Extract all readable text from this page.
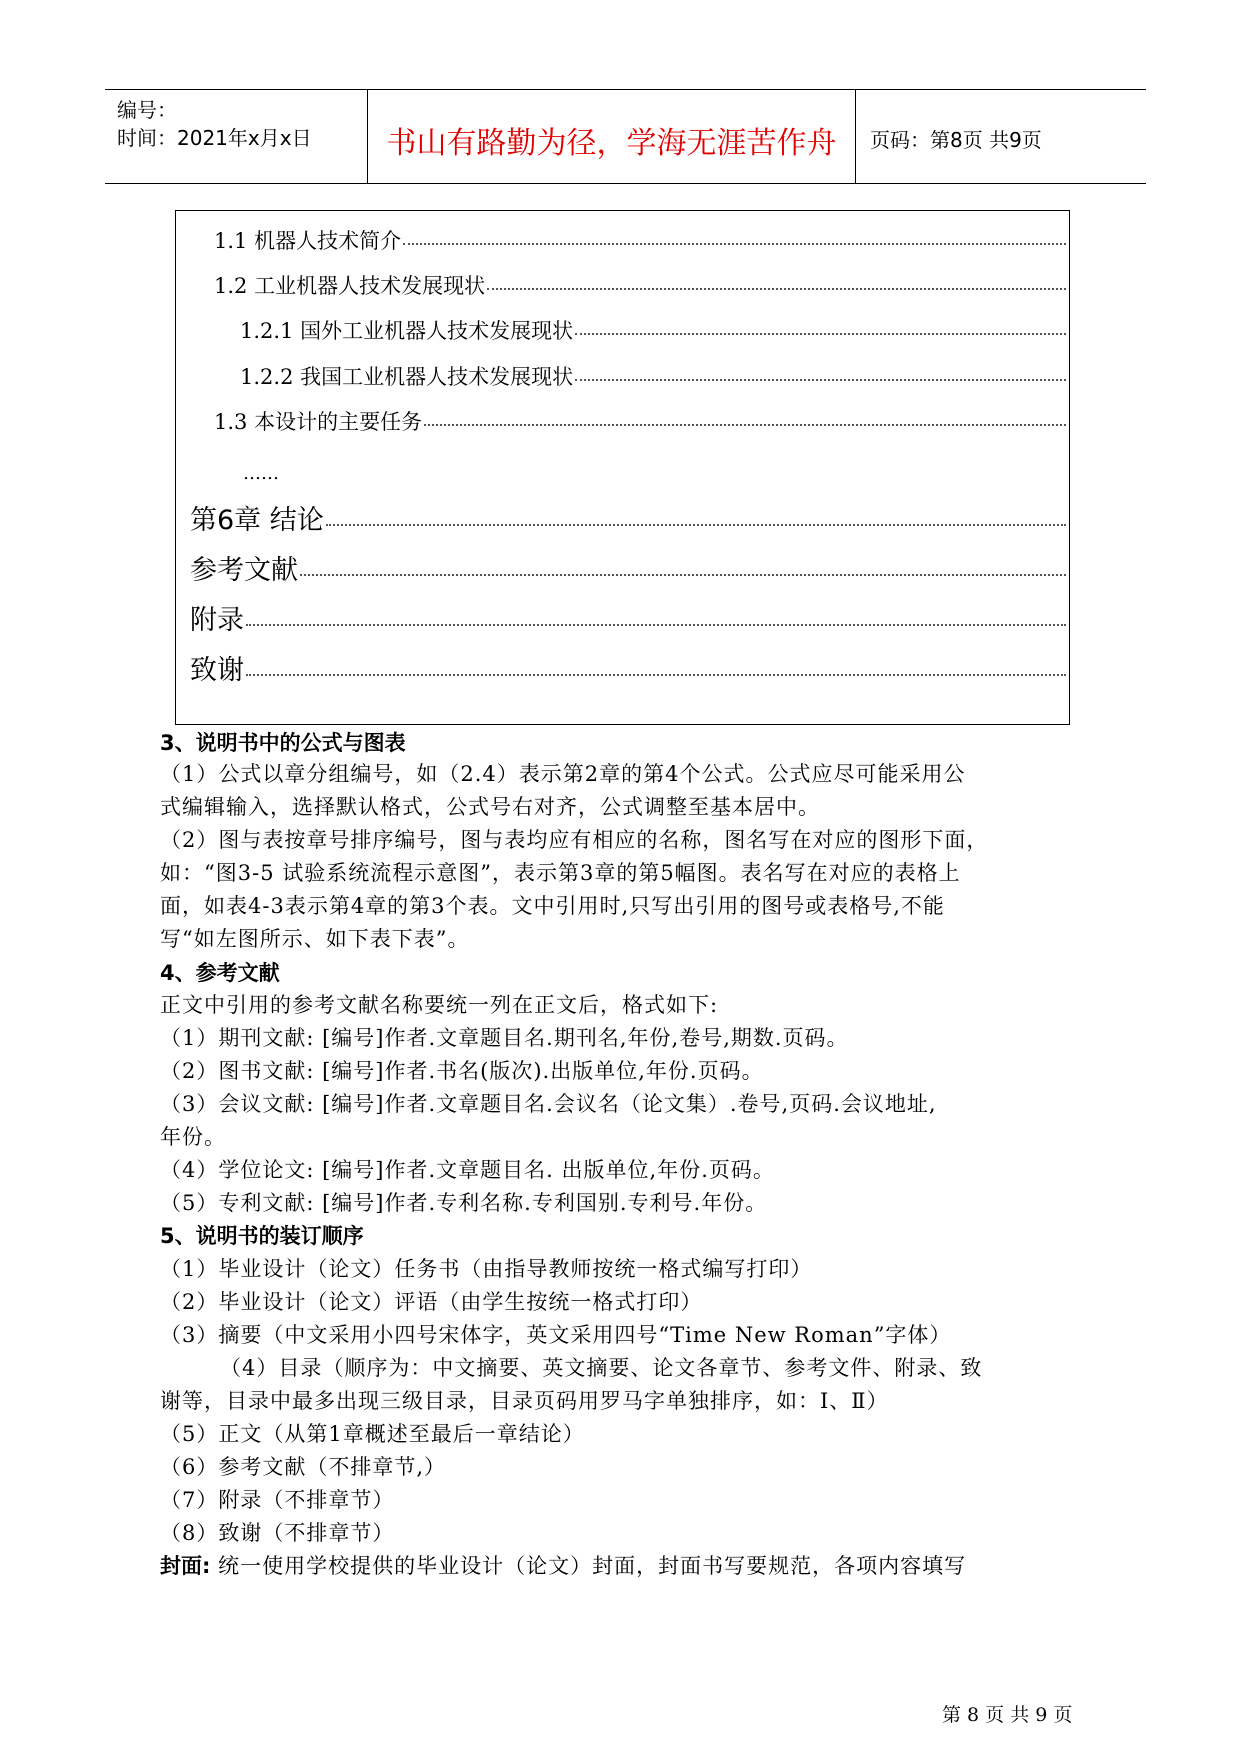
编号：
时间：2021年x月x日	书山有路勤为径，学海无涯苦作舟	页码：第8页 共9页
1.1 机器人技术简介
1.2 工业机器人技术发展现状
1.2.1 国外工业机器人技术发展现状
1.2.2 我国工业机器人技术发展现状
1.3 本设计的主要任务
……
第6章 结论
参考文献
附录
致谢
3、说明书中的公式与图表
（1）公式以章分组编号，如（2.4）表示第2章的第4个公式。公式应尽可能采用公
式编辑输入，选择默认格式，公式号右对齐，公式调整至基本居中。
（2）图与表按章号排序编号，图与表均应有相应的名称，图名写在对应的图形下面，
如：“图3-5 试验系统流程示意图”，表示第3章的第5幅图。表名写在对应的表格上
面，如表4-3表示第4章的第3个表。文中引用时,只写出引用的图号或表格号,不能
写“如左图所示、如下表下表”。
4、参考文献
正文中引用的参考文献名称要统一列在正文后，格式如下:
（1）期刊文献: [编号]作者.文章题目名.期刊名,年份,卷号,期数.页码。
（2）图书文献: [编号]作者.书名(版次).出版单位,年份.页码。
（3）会议文献: [编号]作者.文章题目名.会议名（论文集）.卷号,页码.会议地址,
年份。
（4）学位论文: [编号]作者.文章题目名. 出版单位,年份.页码。
（5）专利文献: [编号]作者.专利名称.专利国别.专利号.年份。
5、说明书的装订顺序
（1）毕业设计（论文）任务书（由指导教师按统一格式编写打印）
（2）毕业设计（论文）评语（由学生按统一格式打印）
（3）摘要（中文采用小四号宋体字，英文采用四号“Time New Roman”字体）
（4）目录（顺序为：中文摘要、英文摘要、论文各章节、参考文件、附录、致
谢等，目录中最多出现三级目录，目录页码用罗马字单独排序，如：Ⅰ、Ⅱ）
（5）正文（从第1章概述至最后一章结论）
（6）参考文献（不排章节,）
（7）附录（不排章节）
（8）致谢（不排章节）
封面: 统一使用学校提供的毕业设计（论文）封面，封面书写要规范，各项内容填写
第 8 页 共 9 页
